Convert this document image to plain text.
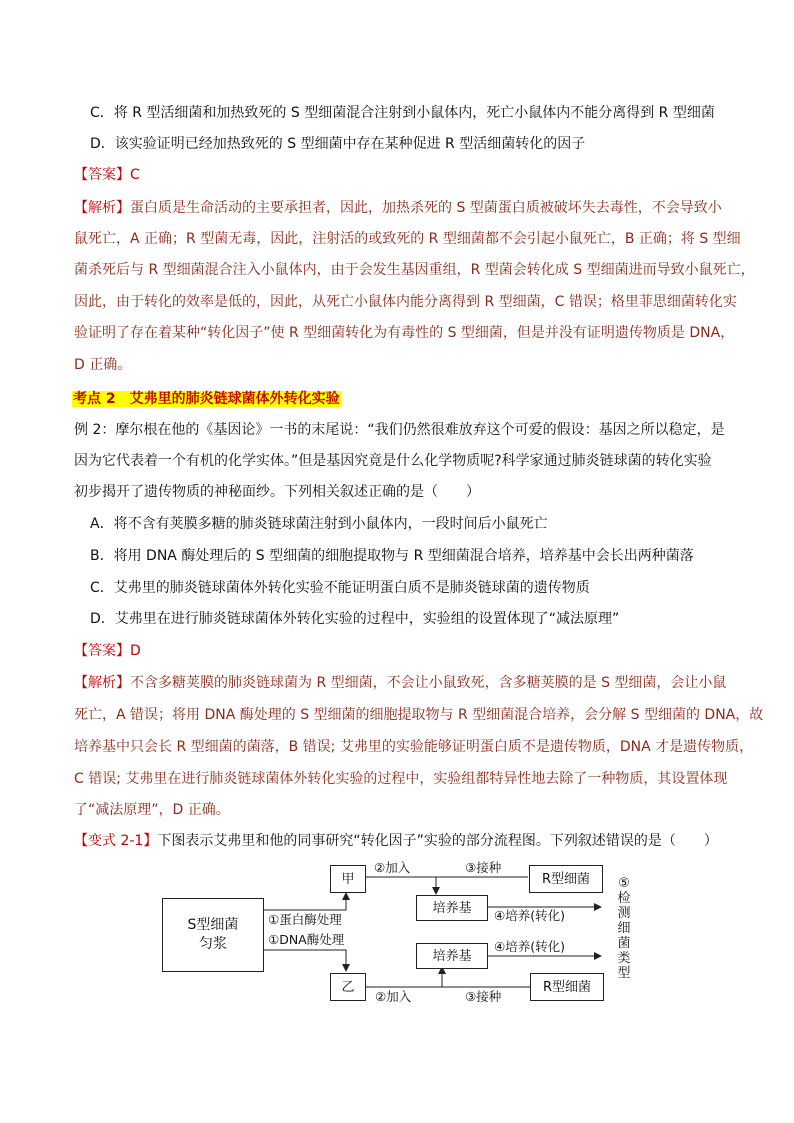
C．将 R 型活细菌和加热致死的 S 型细菌混合注射到小鼠体内，死亡小鼠体内不能分离得到 R 型细菌
D．该实验证明已经加热致死的 S 型细菌中存在某种促进 R 型活细菌转化的因子
【答案】C
【解析】蛋白质是生命活动的主要承担者，因此，加热杀死的 S 型菌蛋白质被破坏失去毒性，不会导致小
鼠死亡，A 正确；R 型菌无毒，因此，注射活的或致死的 R 型细菌都不会引起小鼠死亡，B 正确；将 S 型细
菌杀死后与 R 型细菌混合注入小鼠体内，由于会发生基因重组，R 型菌会转化成 S 型细菌进而导致小鼠死亡，
因此，由于转化的效率是低的，因此，从死亡小鼠体内能分离得到 R 型细菌，C 错误；格里菲思细菌转化实
验证明了存在着某种“转化因子”使 R 型细菌转化为有毒性的 S 型细菌，但是并没有证明遗传物质是 DNA，
D 正确。
考点 2　艾弗里的肺炎链球菌体外转化实验
例 2：摩尔根在他的《基因论》一书的末尾说：“我们仍然很难放弃这个可爱的假设：基因之所以稳定，是
因为它代表着一个有机的化学实体。”但是基因究竟是什么化学物质呢?科学家通过肺炎链球菌的转化实验
初步揭开了遗传物质的神秘面纱。下列相关叙述正确的是（　　）
A．将不含有荚膜多糖的肺炎链球菌注射到小鼠体内，一段时间后小鼠死亡
B．将用 DNA 酶处理后的 S 型细菌的细胞提取物与 R 型细菌混合培养，培养基中会长出两种菌落
C．艾弗里的肺炎链球菌体外转化实验不能证明蛋白质不是肺炎链球菌的遗传物质
D．艾弗里在进行肺炎链球菌体外转化实验的过程中，实验组的设置体现了“减法原理”
【答案】D
【解析】不含多糖荚膜的肺炎链球菌为 R 型细菌，不会让小鼠致死，含多糖荚膜的是 S 型细菌，会让小鼠
死亡，A 错误；将用 DNA 酶处理的 S 型细菌的细胞提取物与 R 型细菌混合培养，会分解 S 型细菌的 DNA，故
培养基中只会长 R 型细菌的菌落，B 错误; 艾弗里的实验能够证明蛋白质不是遗传物质，DNA 才是遗传物质，
C 错误; 艾弗里在进行肺炎链球菌体外转化实验的过程中，实验组都特异性地去除了一种物质，其设置体现
了“减法原理”，D 正确。
【变式 2-1】下图表示艾弗里和他的同事研究“转化因子”实验的部分流程图。下列叙述错误的是（　　）
S型细菌匀浆
甲
乙
培养基
培养基
R型细菌
R型细菌
①蛋白酶处理
①DNA酶处理
②加入	③接种
④培养(转化)
④培养(转化)
②加入	③接种
⑤检测细菌类型
